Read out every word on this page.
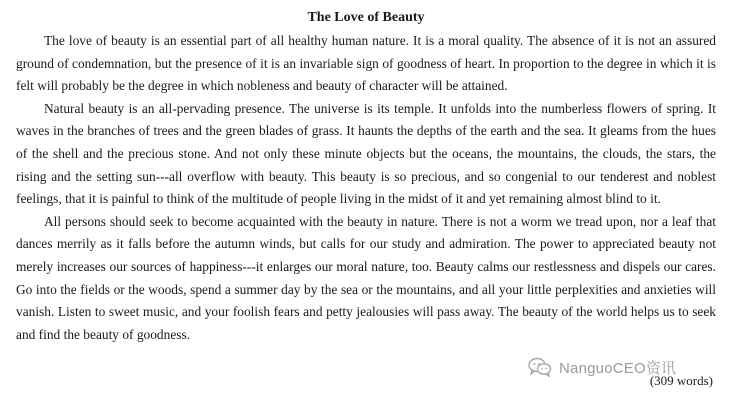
The Love of Beauty

The love of beauty is an essential part of all healthy human nature. It is a moral quality. The absence of it is not an assured ground of condemnation, but the presence of it is an invariable sign of goodness of heart. In proportion to the degree in which it is felt will probably be the degree in which nobleness and beauty of character will be attained.

Natural beauty is an all-pervading presence. The universe is its temple. It unfolds into the numberless flowers of spring. It waves in the branches of trees and the green blades of grass. It haunts the depths of the earth and the sea. It gleams from the hues of the shell and the precious stone. And not only these minute objects but the oceans, the mountains, the clouds, the stars, the rising and the setting sun---all overflow with beauty. This beauty is so precious, and so congenial to our tenderest and noblest feelings, that it is painful to think of the multitude of people living in the midst of it and yet remaining almost blind to it.

All persons should seek to become acquainted with the beauty in nature. There is not a worm we tread upon, nor a leaf that dances merrily as it falls before the autumn winds, but calls for our study and admiration. The power to appreciated beauty not merely increases our sources of happiness---it enlarges our moral nature, too. Beauty calms our restlessness and dispels our cares. Go into the fields or the woods, spend a summer day by the sea or the mountains, and all your little perplexities and anxieties will vanish. Listen to sweet music, and your foolish fears and petty jealousies will pass away. The beauty of the world helps us to seek and find the beauty of goodness.

NanguoCEO资讯
(309 words)
